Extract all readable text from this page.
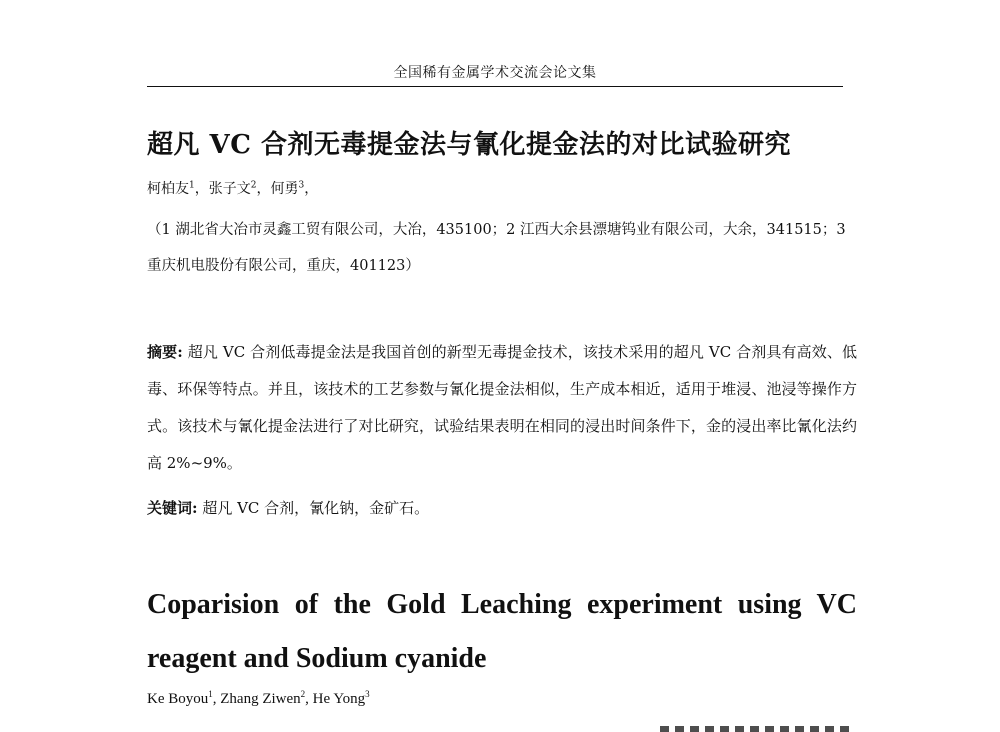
全国稀有金属学术交流会论文集
超凡 VC 合剂无毒提金法与氰化提金法的对比试验研究
柯柏友$^1$，张子文$^2$，何勇$^3$，
（1 湖北省大冶市灵鑫工贸有限公司，大冶，435100；2 江西大余县漂塘钨业有限公司，大余，341515；3 重庆机电股份有限公司，重庆，401123）
摘要: 超凡 VC 合剂低毒提金法是我国首创的新型无毒提金技术，该技术采用的超凡 VC 合剂具有高效、低毒、环保等特点。并且，该技术的工艺参数与氰化提金法相似，生产成本相近，适用于堆浸、池浸等操作方式。该技术与氰化提金法进行了对比研究，试验结果表明在相同的浸出时间条件下，金的浸出率比氰化法约高 2%~9%。
关键词: 超凡 VC 合剂，氰化钠，金矿石。
Coparision of the Gold Leaching experiment using VC
reagent and Sodium cyanide
Ke Boyou$^1$, Zhang Ziwen$^2$, He Yong$^3$
